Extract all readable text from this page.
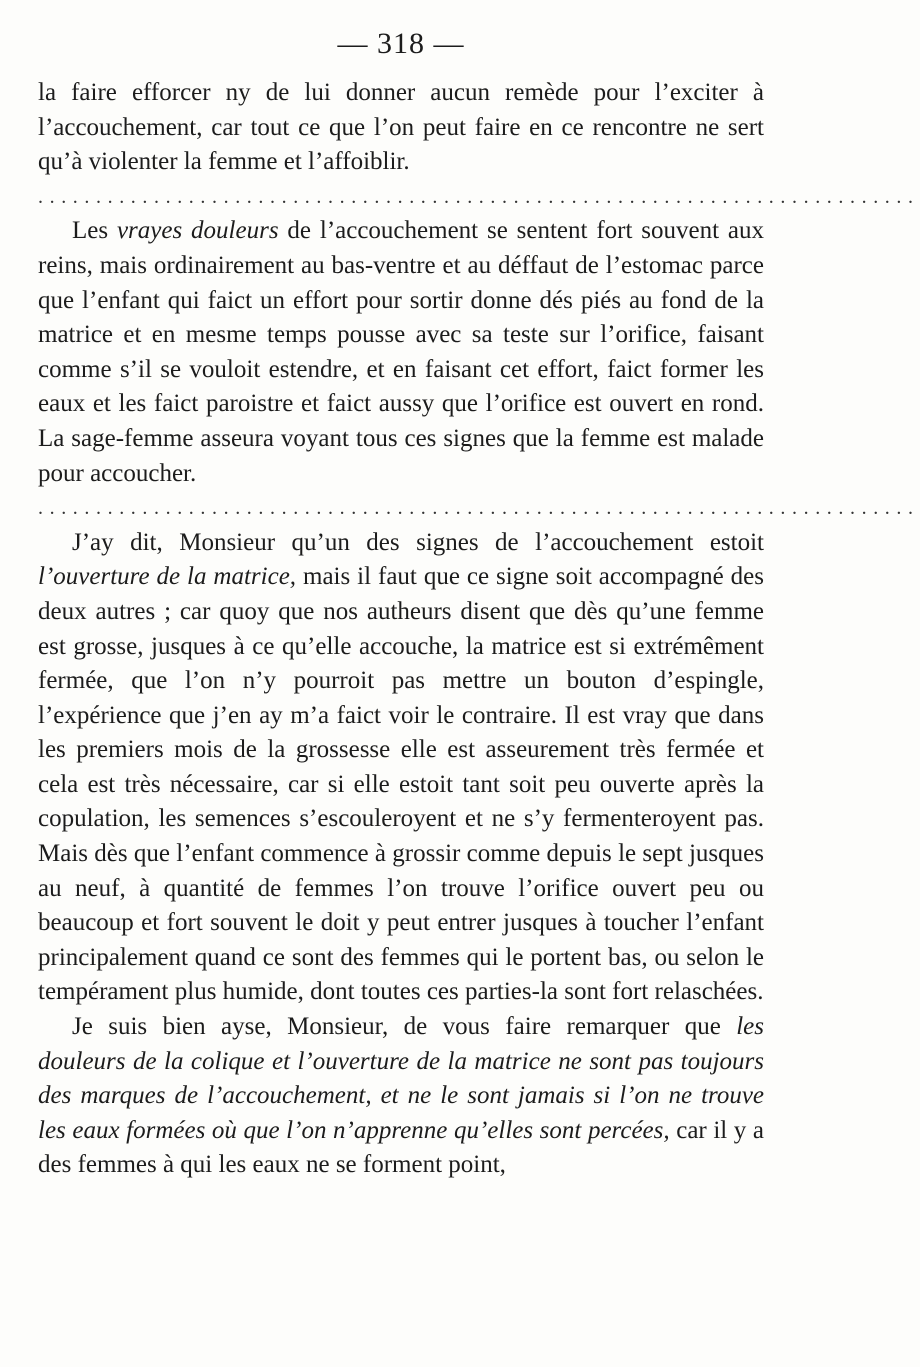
— 318 —

la faire efforcer ny de lui donner aucun remède pour l’exciter à l’accouchement, car tout ce que l’on peut faire en ce rencontre ne sert qu’à violenter la femme et l’affoiblir.

............................................................................

Les vrayes douleurs de l’accouchement se sentent fort souvent aux reins, mais ordinairement au bas-ventre et au déffaut de l’estomac parce que l’enfant qui faict un effort pour sortir donne dés piés au fond de la matrice et en mesme temps pousse avec sa teste sur l’orifice, faisant comme s’il se vouloit estendre, et en faisant cet effort, faict former les eaux et les faict paroistre et faict aussy que l’orifice est ouvert en rond. La sage-femme asseura voyant tous ces signes que la femme est malade pour accoucher.

............................................................................

J’ay dit, Monsieur qu’un des signes de l’accouchement estoit l’ouverture de la matrice, mais il faut que ce signe soit accompagné des deux autres ; car quoy que nos autheurs disent que dès qu’une femme est grosse, jusques à ce qu’elle accouche, la matrice est si extrémêment fermée, que l’on n’y pourroit pas mettre un bouton d’espingle, l’expérience que j’en ay m’a faict voir le contraire. Il est vray que dans les premiers mois de la grossesse elle est asseurement très fermée et cela est très nécessaire, car si elle estoit tant soit peu ouverte après la copulation, les semences s’escouleroyent et ne s’y fermenteroyent pas. Mais dès que l’enfant commence à grossir comme depuis le sept jusques au neuf, à quantité de femmes l’on trouve l’orifice ouvert peu ou beaucoup et fort souvent le doit y peut entrer jusques à toucher l’enfant principalement quand ce sont des femmes qui le portent bas, ou selon le tempérament plus humide, dont toutes ces parties-la sont fort relaschées.

Je suis bien ayse, Monsieur, de vous faire remarquer que les douleurs de la colique et l’ouverture de la matrice ne sont pas toujours des marques de l’accouchement, et ne le sont jamais si l’on ne trouve les eaux formées où que l’on n’apprenne qu’elles sont percées, car il y a des femmes à qui les eaux ne se forment point,
